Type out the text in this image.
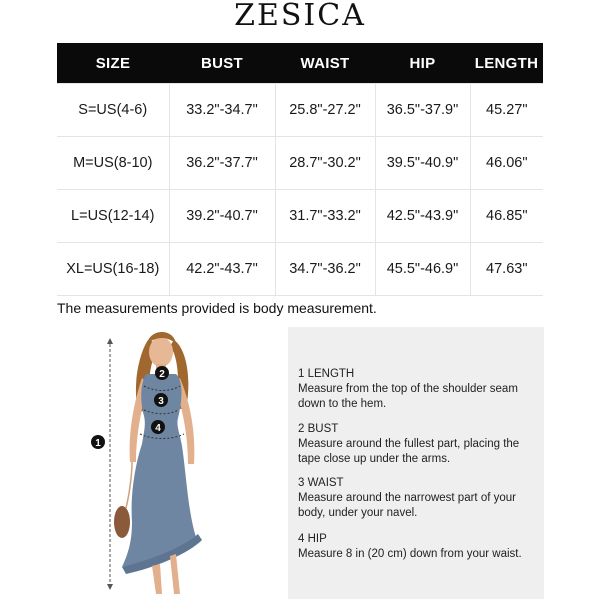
ZESICA
SIZE	BUST	WAIST	HIP	LENGTH
S=US(4-6)	33.2"-34.7"	25.8"-27.2"	36.5"-37.9"	45.27"
M=US(8-10)	36.2"-37.7"	28.7"-30.2"	39.5"-40.9"	46.06"
L=US(12-14)	39.2"-40.7"	31.7"-33.2"	42.5"-43.9"	46.85"
XL=US(16-18)	42.2"-43.7"	34.7"-36.2"	45.5"-46.9"	47.63"
The measurements provided is body measurement.
1
2
3
4
1 LENGTH
Measure from the top of the shoulder seam down to the hem.
2 BUST
Measure around the fullest part, placing the tape close up under the arms.
3 WAIST
Measure around the narrowest part of your body, under your navel.
4 HIP
Measure 8 in (20 cm) down from your waist.
